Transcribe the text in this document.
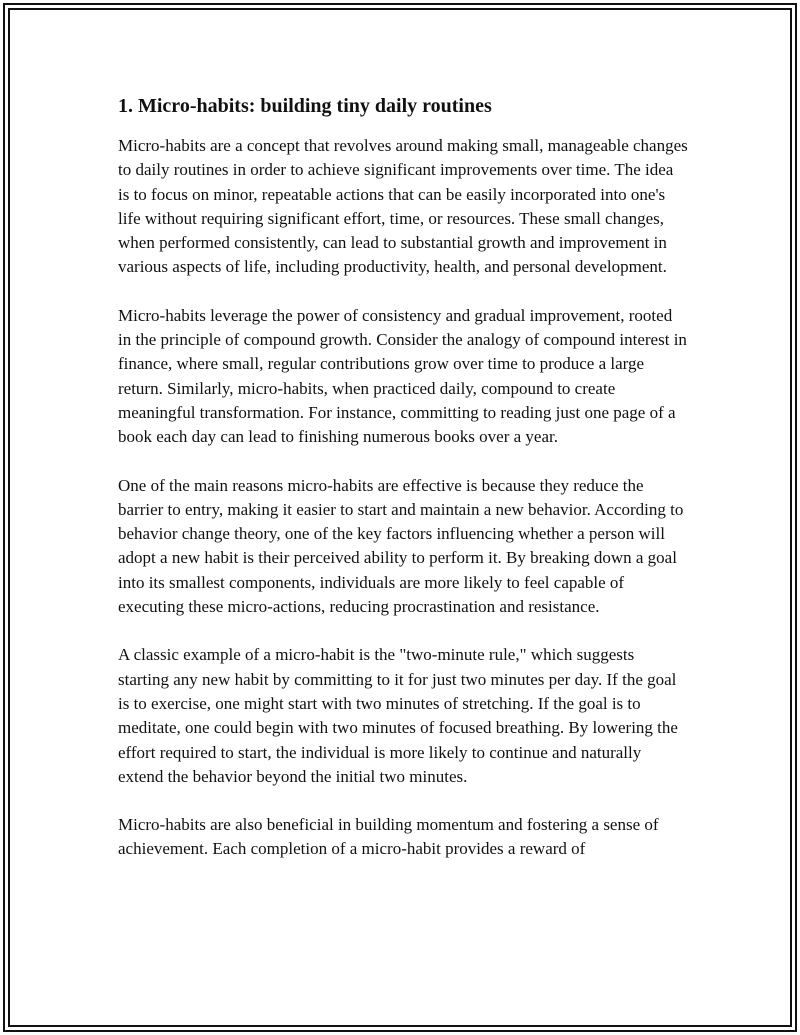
1. Micro-habits: building tiny daily routines

Micro-habits are a concept that revolves around making small, manageable changes to daily routines in order to achieve significant improvements over time. The idea is to focus on minor, repeatable actions that can be easily incorporated into one's life without requiring significant effort, time, or resources. These small changes, when performed consistently, can lead to substantial growth and improvement in various aspects of life, including productivity, health, and personal development.

Micro-habits leverage the power of consistency and gradual improvement, rooted in the principle of compound growth. Consider the analogy of compound interest in finance, where small, regular contributions grow over time to produce a large return. Similarly, micro-habits, when practiced daily, compound to create meaningful transformation. For instance, committing to reading just one page of a book each day can lead to finishing numerous books over a year.

One of the main reasons micro-habits are effective is because they reduce the barrier to entry, making it easier to start and maintain a new behavior. According to behavior change theory, one of the key factors influencing whether a person will adopt a new habit is their perceived ability to perform it. By breaking down a goal into its smallest components, individuals are more likely to feel capable of executing these micro-actions, reducing procrastination and resistance.

A classic example of a micro-habit is the "two-minute rule," which suggests starting any new habit by committing to it for just two minutes per day. If the goal is to exercise, one might start with two minutes of stretching. If the goal is to meditate, one could begin with two minutes of focused breathing. By lowering the effort required to start, the individual is more likely to continue and naturally extend the behavior beyond the initial two minutes.

Micro-habits are also beneficial in building momentum and fostering a sense of achievement. Each completion of a micro-habit provides a reward of
